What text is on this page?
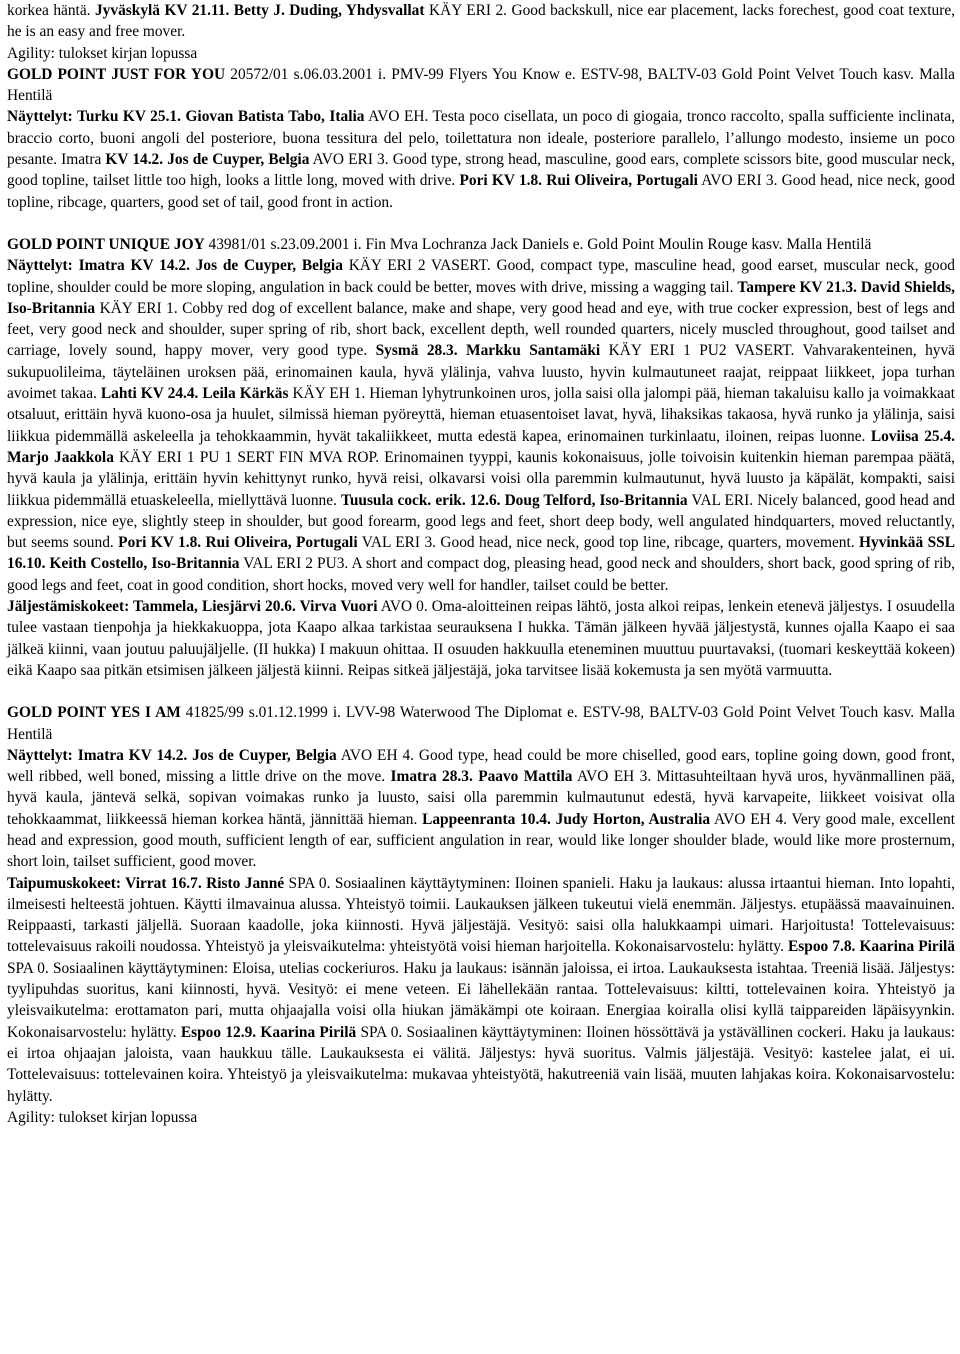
korkea häntä. Jyväskylä KV 21.11. Betty J. Duding, Yhdysvallat KÄY ERI 2. Good backskull, nice ear placement, lacks forechest, good coat texture, he is an easy and free mover.

Agility: tulokset kirjan lopussa

GOLD POINT JUST FOR YOU 20572/01 s.06.03.2001 i. PMV-99 Flyers You Know e. ESTV-98, BALTV-03 Gold Point Velvet Touch kasv. Malla Hentilä

Näyttelyt: Turku KV 25.1. Giovan Batista Tabo, Italia AVO EH. Testa poco cisellata, un poco di giogaia, tronco raccolto, spalla sufficiente inclinata, braccio corto, buoni angoli del posteriore, buona tessitura del pelo, toilettatura non ideale, posteriore parallelo, l’allungo modesto, insieme un poco pesante. Imatra KV 14.2. Jos de Cuyper, Belgia AVO ERI 3. Good type, strong head, masculine, good ears, complete scissors bite, good muscular neck, good topline, tailset little too high, looks a little long, moved with drive. Pori KV 1.8. Rui Oliveira, Portugali AVO ERI 3. Good head, nice neck, good topline, ribcage, quarters, good set of tail, good front in action.

GOLD POINT UNIQUE JOY 43981/01 s.23.09.2001 i. Fin Mva Lochranza Jack Daniels e. Gold Point Moulin Rouge kasv. Malla Hentilä

Näyttelyt: Imatra KV 14.2. Jos de Cuyper, Belgia KÄY ERI 2 VASERT. Good, compact type, masculine head, good earset, muscular neck, good topline, shoulder could be more sloping, angulation in back could be better, moves with drive, missing a wagging tail. Tampere KV 21.3. David Shields, Iso-Britannia KÄY ERI 1. Cobby red dog of excellent balance, make and shape, very good head and eye, with true cocker expression, best of legs and feet, very good neck and shoulder, super spring of rib, short back, excellent depth, well rounded quarters, nicely muscled throughout, good tailset and carriage, lovely sound, happy mover, very good type. Sysmä 28.3. Markku Santamäki KÄY ERI 1 PU2 VASERT. Vahvarakenteinen, hyvä sukupuolileima, täyteläinen uroksen pää, erinomainen kaula, hyvä ylälinja, vahva luusto, hyvin kulmautuneet raajat, reippaat liikkeet, jopa turhan avoimet takaa. Lahti KV 24.4. Leila Kärkäs KÄY EH 1. Hieman lyhytrunkoinen uros, jolla saisi olla jalompi pää, hieman takaluisu kallo ja voimakkaat otsaluut, erittäin hyvä kuono-osa ja huulet, silmissä hieman pyöreyttä, hieman etuasentoiset lavat, hyvä, lihaksikas takaosa, hyvä runko ja ylälinja, saisi liikkua pidemmällä askeleella ja tehokkaammin, hyvät takaliikkeet, mutta edestä kapea, erinomainen turkinlaatu, iloinen, reipas luonne. Loviisa 25.4. Marjo Jaakkola KÄY ERI 1 PU 1 SERT FIN MVA ROP. Erinomainen tyyppi, kaunis kokonaisuus, jolle toivoisin kuitenkin hieman parempaa päätä, hyvä kaula ja ylälinja, erittäin hyvin kehittynyt runko, hyvä reisi, olkavarsi voisi olla paremmin kulmautunut, hyvä luusto ja käpälät, kompakti, saisi liikkua pidemmällä etuaskeleella, miellyttävä luonne. Tuusula cock. erik. 12.6. Doug Telford, Iso-Britannia VAL ERI. Nicely balanced, good head and expression, nice eye, slightly steep in shoulder, but good forearm, good legs and feet, short deep body, well angulated hindquarters, moved reluctantly, but seems sound. Pori KV 1.8. Rui Oliveira, Portugali VAL ERI 3. Good head, nice neck, good top line, ribcage, quarters, movement. Hyvinkää SSL 16.10. Keith Costello, Iso-Britannia VAL ERI 2 PU3. A short and compact dog, pleasing head, good neck and shoulders, short back, good spring of rib, good legs and feet, coat in good condition, short hocks, moved very well for handler, tailset could be better.

Jäljestämiskokeet: Tammela, Liesjärvi 20.6. Virva Vuori AVO 0. Oma-aloitteinen reipas lähtö, josta alkoi reipas, lenkein etenevä jäljestys. I osuudella tulee vastaan tienpohja ja hiekkakuoppa, jota Kaapo alkaa tarkistaa seurauksena I hukka. Tämän jälkeen hyvää jäljestystä, kunnes ojalla Kaapo ei saa jälkeä kiinni, vaan joutuu paluujäljelle. (II hukka) I makuun ohittaa. II osuuden hakkuulla eteneminen muuttuu puurtavaksi, (tuomari keskeyttää kokeen) eikä Kaapo saa pitkän etsimisen jälkeen jäljestä kiinni. Reipas sitkeä jäljestäjä, joka tarvitsee lisää kokemusta ja sen myötä varmuutta.

GOLD POINT YES I AM 41825/99 s.01.12.1999 i. LVV-98 Waterwood The Diplomat e. ESTV-98, BALTV-03 Gold Point Velvet Touch kasv. Malla Hentilä

Näyttelyt: Imatra KV 14.2. Jos de Cuyper, Belgia AVO EH 4. Good type, head could be more chiselled, good ears, topline going down, good front, well ribbed, well boned, missing a little drive on the move. Imatra 28.3. Paavo Mattila AVO EH 3. Mittasuhteiltaan hyvä uros, hyvänmallinen pää, hyvä kaula, jäntevä selkä, sopivan voimakas runko ja luusto, saisi olla paremmin kulmautunut edestä, hyvä karvapeite, liikkeet voisivat olla tehokkaammat, liikkeessä hieman korkea häntä, jännittää hieman. Lappeenranta 10.4. Judy Horton, Australia AVO EH 4. Very good male, excellent head and expression, good mouth, sufficient length of ear, sufficient angulation in rear, would like longer shoulder blade, would like more prosternum, short loin, tailset sufficient, good mover.

Taipumuskokeet: Virrat 16.7. Risto Janné SPA 0. Sosiaalinen käyttäytyminen: Iloinen spanieli. Haku ja laukaus: alussa irtaantui hieman. Into lopahti, ilmeisesti helteestä johtuen. Käytti ilmavainua alussa. Yhteistyö toimii. Laukauksen jälkeen tukeutui vielä enemmän. Jäljestys. etupäässä maavainuinen. Reippaasti, tarkasti jäljellä. Suoraan kaadolle, joka kiinnosti. Hyvä jäljestäjä. Vesityö: saisi olla halukkaampi uimari. Harjoitusta! Tottelevaisuus: tottelevaisuus rakoili noudossa. Yhteistyö ja yleisvaikutelma: yhteistyötä voisi hieman harjoitella. Kokonaisarvostelu: hylätty. Espoo 7.8. Kaarina Pirilä SPA 0. Sosiaalinen käyttäytyminen: Eloisa, utelias cockeriuros. Haku ja laukaus: isännän jaloissa, ei irtoa. Laukauksesta istahtaa. Treeniä lisää. Jäljestys: tyylipuhdas suoritus, kani kiinnosti, hyvä. Vesityö: ei mene veteen. Ei lähellekään rantaa. Tottelevaisuus: kiltti, tottelevainen koira. Yhteistyö ja yleisvaikutelma: erottamaton pari, mutta ohjaajalla voisi olla hiukan jämäkämpi ote koiraan. Energiaa koiralla olisi kyllä taippareiden läpäisyynkin. Kokonaisarvostelu: hylätty. Espoo 12.9. Kaarina Pirilä SPA 0. Sosiaalinen käyttäytyminen: Iloinen hössöttävä ja ystävällinen cockeri. Haku ja laukaus: ei irtoa ohjaajan jaloista, vaan haukkuu tälle. Laukauksesta ei välitä. Jäljestys: hyvä suoritus. Valmis jäljestäjä. Vesityö: kastelee jalat, ei ui. Tottelevaisuus: tottelevainen koira. Yhteistyö ja yleisvaikutelma: mukavaa yhteistyötä, hakutreeniä vain lisää, muuten lahjakas koira. Kokonaisarvostelu: hylätty.

Agility: tulokset kirjan lopussa
